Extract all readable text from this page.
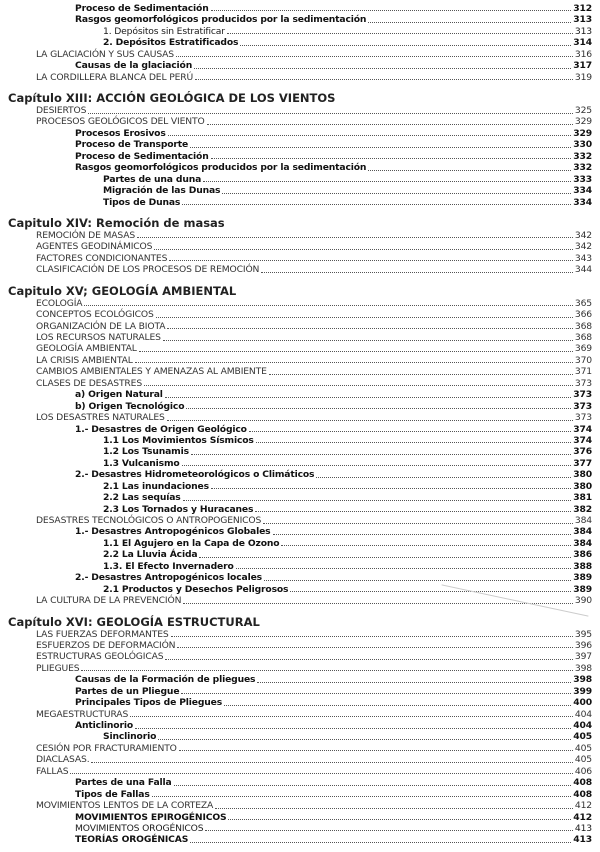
Proceso de Sedimentación	312
Rasgos geomorfológicos producidos por la sedimentación	313
1. Depósitos sin Estratificar	313
2. Depósitos Estratificados	314
LA GLACIACIÓN Y SUS CAUSAS	316
Causas de la glaciación	317
LA CORDILLERA BLANCA DEL PERÚ	319
Capítulo XIII: ACCIÓN GEOLÓGICA DE LOS VIENTOS
DESIERTOS	325
PROCESOS GEOLÓGICOS DEL VIENTO	329
Procesos Erosivos	329
Proceso de Transporte	330
Proceso de Sedimentación	332
Rasgos geomorfológicos producidos por la sedimentación	332
Partes de una duna	333
Migración de las Dunas	334
Tipos de Dunas	334
Capitulo XIV: Remoción de masas
REMOCIÓN DE MASAS	342
AGENTES GEODINÁMICOS	342
FACTORES CONDICIONANTES	343
CLASIFICACIÓN DE LOS PROCESOS DE REMOCIÓN	344
Capitulo XV; GEOLOGÍA AMBIENTAL
ECOLOGÍA	365
CONCEPTOS ECOLÓGICOS	366
ORGANIZACIÓN DE LA BIOTA	368
LOS RECURSOS NATURALES	368
GEOLOGÍA AMBIENTAL	369
LA CRISIS AMBIENTAL	370
CAMBIOS AMBIENTALES Y AMENAZAS AL AMBIENTE	371
CLASES DE DESASTRES	373
a) Origen Natural	373
b) Origen Tecnológico	373
LOS DESASTRES NATURALES	373
1.- Desastres de Origen Geológico	374
1.1 Los Movimientos Sísmicos	374
1.2 Los Tsunamis	376
1.3 Vulcanismo	377
2.- Desastres Hidrometeorológicos o Climáticos	380
2.1 Las inundaciones	380
2.2 Las sequías	381
2.3 Los Tornados y Huracanes	382
DESASTRES TECNOLÓGICOS O ANTROPOGENICOS	384
1.- Desastres Antropogénicos Globales	384
1.1 El Agujero en la Capa de Ozono	384
2.2 La Lluvia Ácida	386
1.3. El Efecto Invernadero	388
2.- Desastres Antropogénicos locales	389
2.1 Productos y Desechos Peligrosos	389
LA CULTURA DE LA PREVENCIÓN	390
Capítulo XVI: GEOLOGÍA ESTRUCTURAL
LAS FUERZAS DEFORMANTES	395
ESFUERZOS DE DEFORMACIÓN	396
ESTRUCTURAS GEOLÓGICAS	397
PLIEGUES	398
Causas de la Formación de pliegues	398
Partes de un Pliegue	399
Principales Tipos de Pliegues	400
MEGAESTRUCTURAS	404
Anticlinorio	404
Sinclinorio	405
CESIÓN POR FRACTURAMIENTO	405
DIACLASAS.	405
FALLAS	406
Partes de una Falla	408
Tipos de Fallas	408
MOVIMIENTOS LENTOS DE LA CORTEZA	412
MOVIMIENTOS EPIROGÉNICOS	412
MOVIMIENTOS OROGÉNICOS	413
TEORÍAS OROGÉNICAS	413
